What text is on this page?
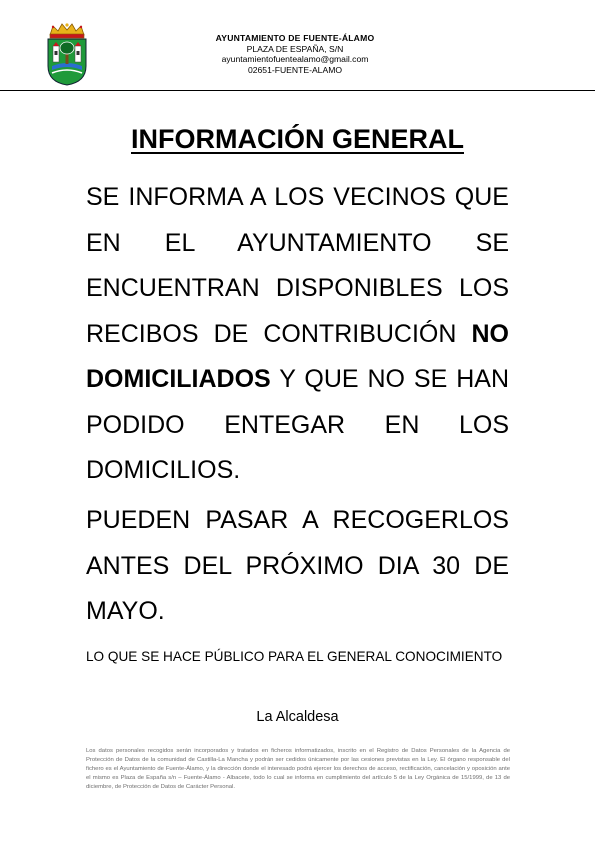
AYUNTAMIENTO DE FUENTE-ÁLAMO
PLAZA DE ESPAÑA, S/N
ayuntamientofuentealamo@gmail.com
02651-FUENTE-ALAMO
INFORMACIÓN GENERAL
SE INFORMA A LOS VECINOS QUE EN EL AYUNTAMIENTO SE ENCUENTRAN DISPONIBLES LOS RECIBOS DE CONTRIBUCIÓN NO DOMICILIADOS Y QUE NO SE HAN PODIDO ENTEGAR EN LOS DOMICILIOS.
PUEDEN PASAR A RECOGERLOS ANTES DEL PRÓXIMO DIA 30 DE MAYO.
LO QUE SE HACE PÚBLICO PARA EL GENERAL CONOCIMIENTO
La Alcaldesa
Los datos personales recogidos serán incorporados y tratados en ficheros informatizados, inscrito en el Registro de Datos Personales de la Agencia de Protección de Datos de la comunidad de Castilla-La Mancha y podrán ser cedidos únicamente por las cesiones previstas en la Ley. El órgano responsable del fichero es el Ayuntamiento de Fuente-Álamo, y la dirección donde el interesado podrá ejercer los derechos de acceso, rectificación, cancelación y oposición ante el mismo es Plaza de España s/n – Fuente-Álamo - Albacete, todo lo cual se informa en cumplimiento del artículo 5 de la Ley Orgánica de 15/1999, de 13 de diciembre, de Protección de Datos de Carácter Personal.
